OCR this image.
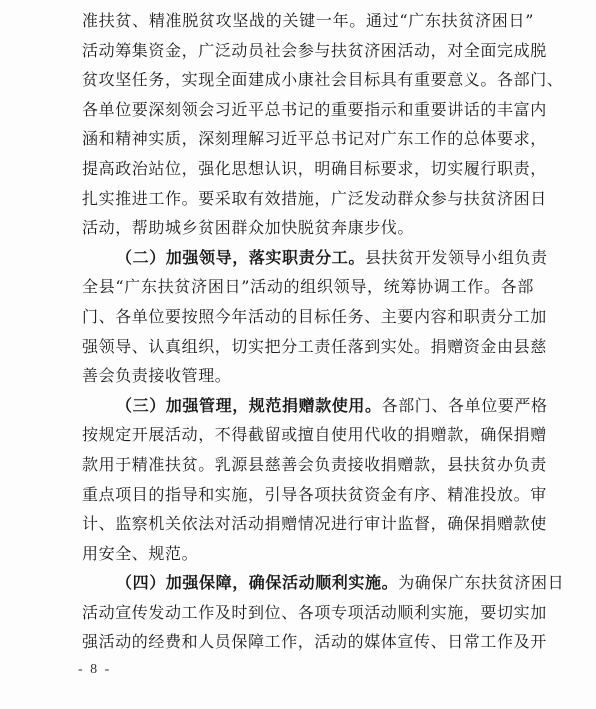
准扶贫、精准脱贫攻坚战的关键一年。通过“广东扶贫济困日”
活动筹集资金，广泛动员社会参与扶贫济困活动，对全面完成脱
贫攻坚任务，实现全面建成小康社会目标具有重要意义。各部门、
各单位要深刻领会习近平总书记的重要指示和重要讲话的丰富内
涵和精神实质，深刻理解习近平总书记对广东工作的总体要求，
提高政治站位，强化思想认识，明确目标要求，切实履行职责，
扎实推进工作。要采取有效措施，广泛发动群众参与扶贫济困日
活动，帮助城乡贫困群众加快脱贫奔康步伐。
（二）加强领导，落实职责分工。县扶贫开发领导小组负责
全县“广东扶贫济困日”活动的组织领导，统筹协调工作。各部
门、各单位要按照今年活动的目标任务、主要内容和职责分工加
强领导、认真组织，切实把分工责任落到实处。捐赠资金由县慈
善会负责接收管理。
（三）加强管理，规范捐赠款使用。各部门、各单位要严格
按规定开展活动，不得截留或擅自使用代收的捐赠款，确保捐赠
款用于精准扶贫。乳源县慈善会负责接收捐赠款，县扶贫办负责
重点项目的指导和实施，引导各项扶贫资金有序、精准投放。审
计、监察机关依法对活动捐赠情况进行审计监督，确保捐赠款使
用安全、规范。
（四）加强保障，确保活动顺利实施。为确保广东扶贫济困日
活动宣传发动工作及时到位、各项专项活动顺利实施，要切实加
强活动的经费和人员保障工作，活动的媒体宣传、日常工作及开
- 8 -
